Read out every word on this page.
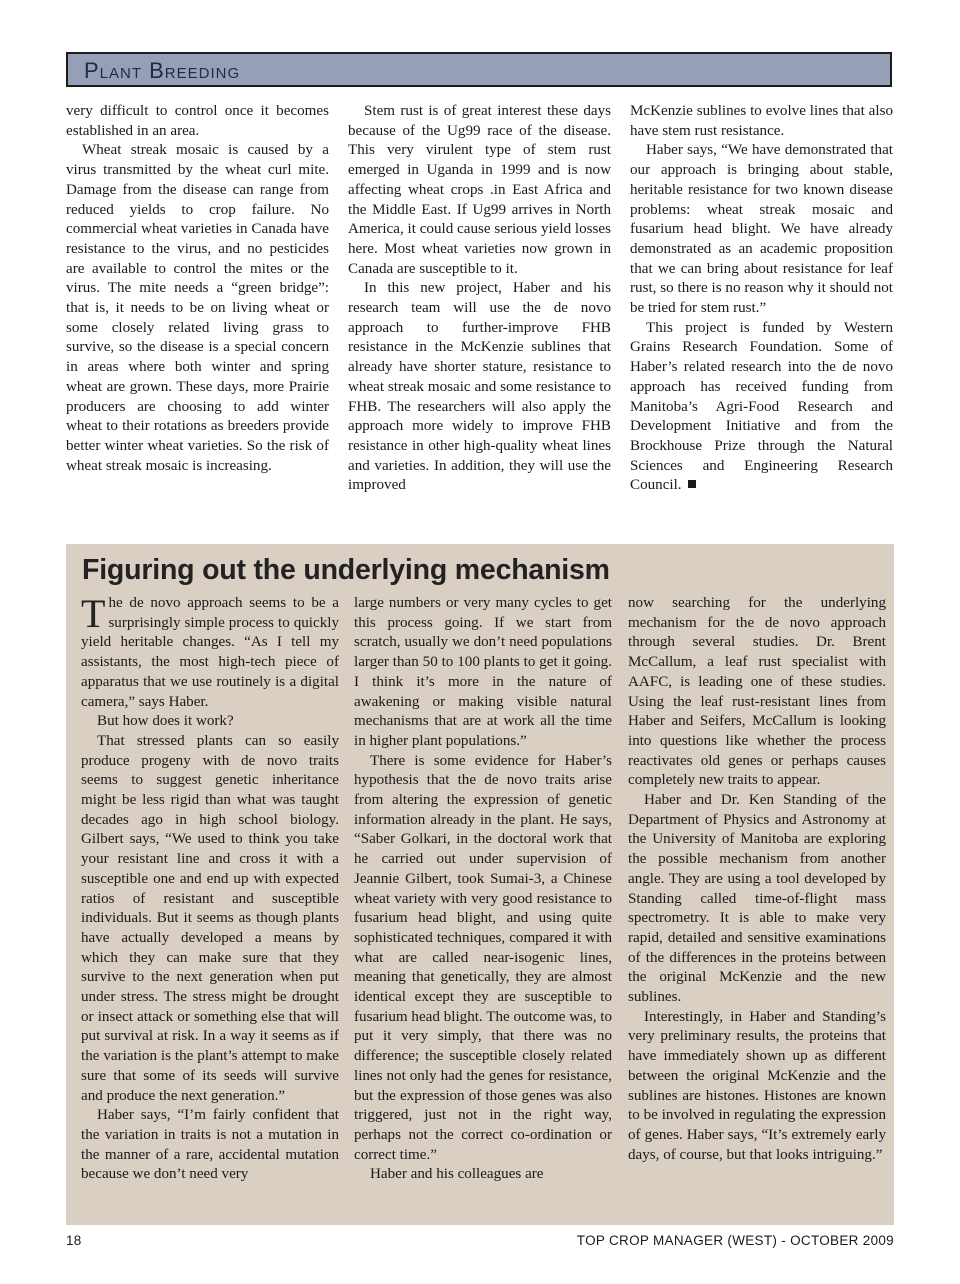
Plant Breeding

very difficult to control once it becomes established in an area.

Wheat streak mosaic is caused by a virus transmitted by the wheat curl mite. Damage from the disease can range from reduced yields to crop failure. No commercial wheat varieties in Canada have resistance to the virus, and no pesticides are available to control the mites or the virus. The mite needs a “green bridge”: that is, it needs to be on living wheat or some closely related living grass to survive, so the disease is a special concern in areas where both winter and spring wheat are grown. These days, more Prairie producers are choosing to add winter wheat to their rotations as breeders provide better winter wheat varieties. So the risk of wheat streak mosaic is increasing.

Stem rust is of great interest these days because of the Ug99 race of the disease. This very virulent type of stem rust emerged in Uganda in 1999 and is now affecting wheat crops .in East Africa and the Middle East. If Ug99 arrives in North America, it could cause serious yield losses here. Most wheat varieties now grown in Canada are susceptible to it.

In this new project, Haber and his research team will use the de novo approach to further-improve FHB resistance in the McKenzie sublines that already have shorter stature, resistance to wheat streak mosaic and some resistance to FHB. The researchers will also apply the approach more widely to improve FHB resistance in other high-quality wheat lines and varieties. In addition, they will use the improved

McKenzie sublines to evolve lines that also have stem rust resistance.

Haber says, “We have demonstrated that our approach is bringing about stable, heritable resistance for two known disease problems: wheat streak mosaic and fusarium head blight. We have already demonstrated as an academic proposition that we can bring about resistance for leaf rust, so there is no reason why it should not be tried for stem rust.”

This project is funded by Western Grains Research Foundation. Some of Haber’s related research into the de novo approach has received funding from Manitoba’s Agri-Food Research and Development Initiative and from the Brockhouse Prize through the Natural Sciences and Engineering Research Council.

Figuring out the underlying mechanism

The de novo approach seems to be a surprisingly simple process to quickly yield heritable changes. “As I tell my assistants, the most high-tech piece of apparatus that we use routinely is a digital camera,” says Haber.

But how does it work?

That stressed plants can so easily produce progeny with de novo traits seems to suggest genetic inheritance might be less rigid than what was taught decades ago in high school biology. Gilbert says, “We used to think you take your resistant line and cross it with a susceptible one and end up with expected ratios of resistant and susceptible individuals. But it seems as though plants have actually developed a means by which they can make sure that they survive to the next generation when put under stress. The stress might be drought or insect attack or something else that will put survival at risk. In a way it seems as if the variation is the plant’s attempt to make sure that some of its seeds will survive and produce the next generation.”

Haber says, “I’m fairly confident that the variation in traits is not a mutation in the manner of a rare, accidental mutation because we don’t need very

large numbers or very many cycles to get this process going. If we start from scratch, usually we don’t need populations larger than 50 to 100 plants to get it going. I think it’s more in the nature of awakening or making visible natural mechanisms that are at work all the time in higher plant populations.”

There is some evidence for Haber’s hypothesis that the de novo traits arise from altering the expression of genetic information already in the plant. He says, “Saber Golkari, in the doctoral work that he carried out under supervision of Jeannie Gilbert, took Sumai-3, a Chinese wheat variety with very good resistance to fusarium head blight, and using quite sophisticated techniques, compared it with what are called near-isogenic lines, meaning that genetically, they are almost identical except they are susceptible to fusarium head blight. The outcome was, to put it very simply, that there was no difference; the susceptible closely related lines not only had the genes for resistance, but the expression of those genes was also triggered, just not in the right way, perhaps not the correct co-ordination or correct time.”

Haber and his colleagues are

now searching for the underlying mechanism for the de novo approach through several studies. Dr. Brent McCallum, a leaf rust specialist with AAFC, is leading one of these studies. Using the leaf rust-resistant lines from Haber and Seifers, McCallum is looking into questions like whether the process reactivates old genes or perhaps causes completely new traits to appear.

Haber and Dr. Ken Standing of the Department of Physics and Astronomy at the University of Manitoba are exploring the possible mechanism from another angle. They are using a tool developed by Standing called time-of-flight mass spectrometry. It is able to make very rapid, detailed and sensitive examinations of the differences in the proteins between the original McKenzie and the new sublines.

Interestingly, in Haber and Standing’s very preliminary results, the proteins that have immediately shown up as different between the original McKenzie and the sublines are histones. Histones are known to be involved in regulating the expression of genes. Haber says, “It’s extremely early days, of course, but that looks intriguing.”

18	TOP CROP MANAGER (WEST) - OCTOBER 2009
